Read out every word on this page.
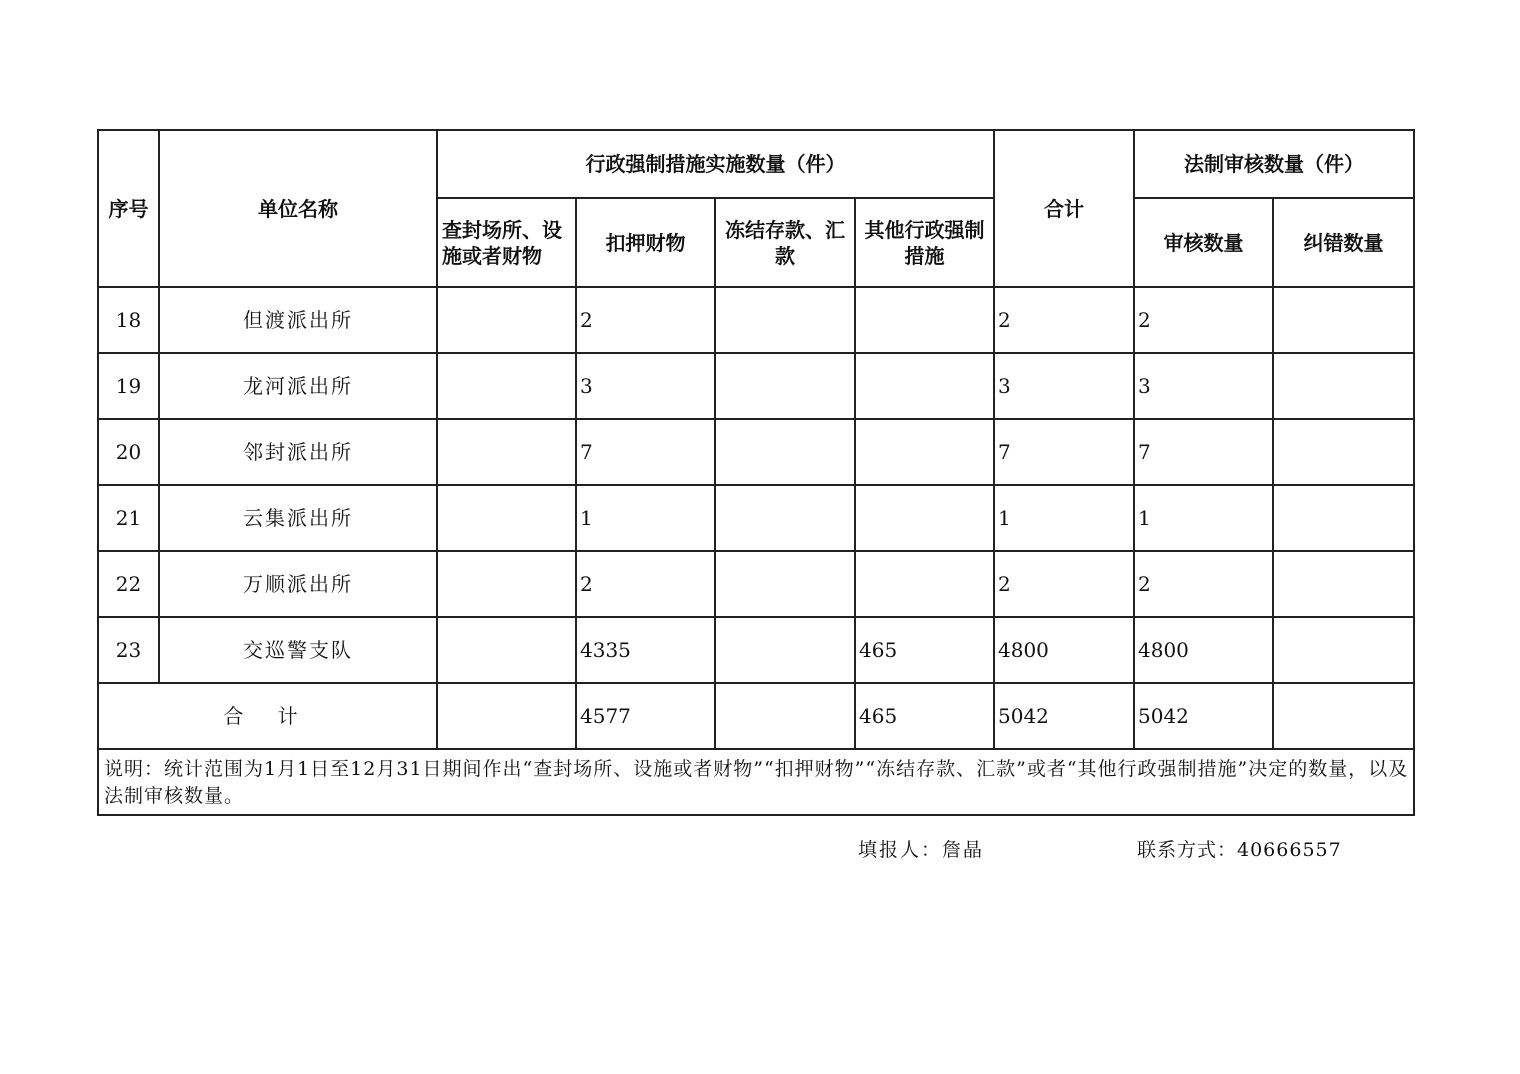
序号	单位名称	行政强制措施实施数量（件）				合计	法制审核数量（件）	
		查封场所、设施或者财物	扣押财物	冻结存款、汇款	其他行政强制措施		审核数量	纠错数量
18	但渡派出所		2			2	2	
19	龙河派出所		3			3	3	
20	邻封派出所		7			7	7	
21	云集派出所		1			1	1	
22	万顺派出所		2			2	2	
23	交巡警支队		4335		465	4800	4800	
合 计			4577		465	5042	5042	
说明：统计范围为1月1日至12月31日期间作出“查封场所、设施或者财物”“扣押财物”“冻结存款、汇款”或者“其他行政强制措施”决定的数量，以及法制审核数量。								
填报人：詹晶	联系方式：40666557
